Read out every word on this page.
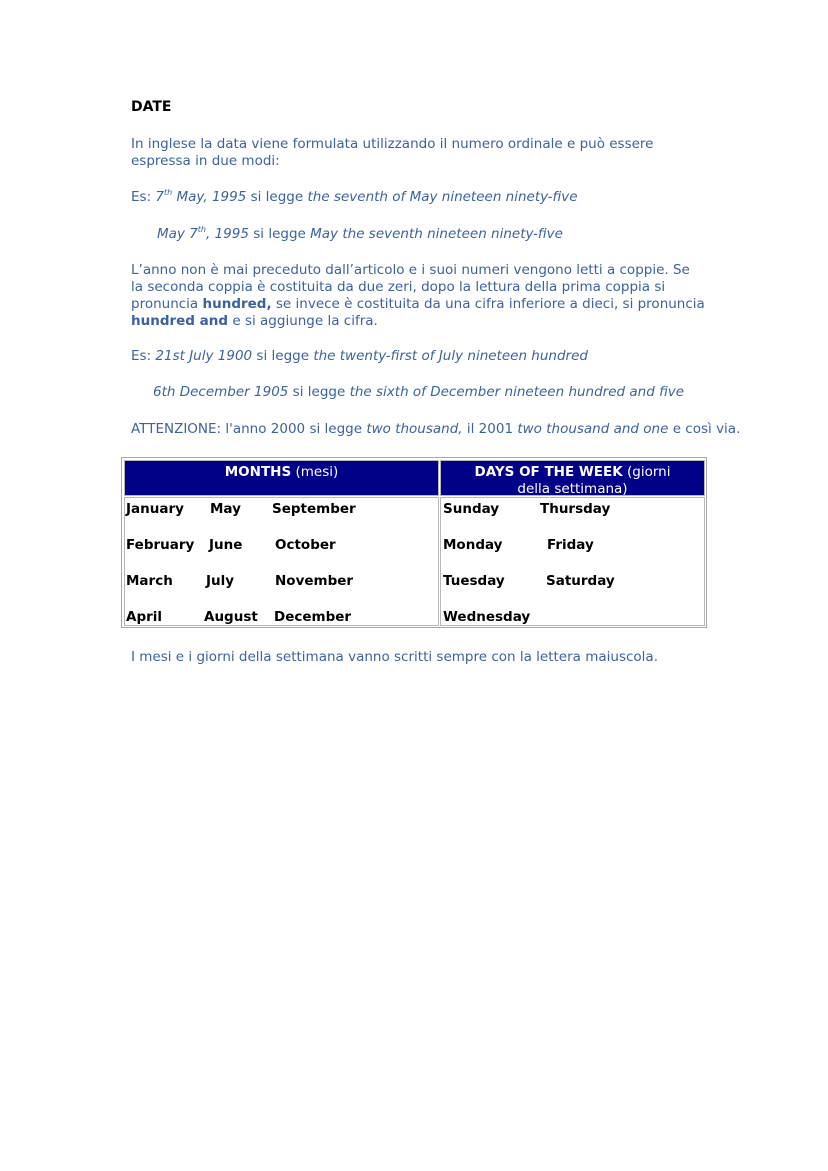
DATE
In inglese la data viene formulata utilizzando il numero ordinale e può essere espressa in due modi:
Es: 7th May, 1995 si legge the seventh of May nineteen ninety-five
May 7th, 1995 si legge May the seventh nineteen ninety-five
L’anno non è mai preceduto dall’articolo e i suoi numeri vengono letti a coppie. Se la seconda coppia è costituita da due zeri, dopo la lettura della prima coppia si pronuncia hundred, se invece è costituita da una cifra inferiore a dieci, si pronuncia hundred and e si aggiunge la cifra.
Es: 21st July 1900 si legge the twenty-first of July nineteen hundred
6th December 1905 si legge the sixth of December nineteen hundred and five
ATTENZIONE: l'anno 2000 si legge two thousand, il 2001 two thousand and one e così via.
MONTHS (mesi)	DAYS OF THE WEEK (giorni della settimana)
January May September
February June October
March July	November
April	August December
Sunday	Thursday
Monday	Friday
Tuesday	Saturday
Wednesday
I mesi e i giorni della settimana vanno scritti sempre con la lettera maiuscola.
